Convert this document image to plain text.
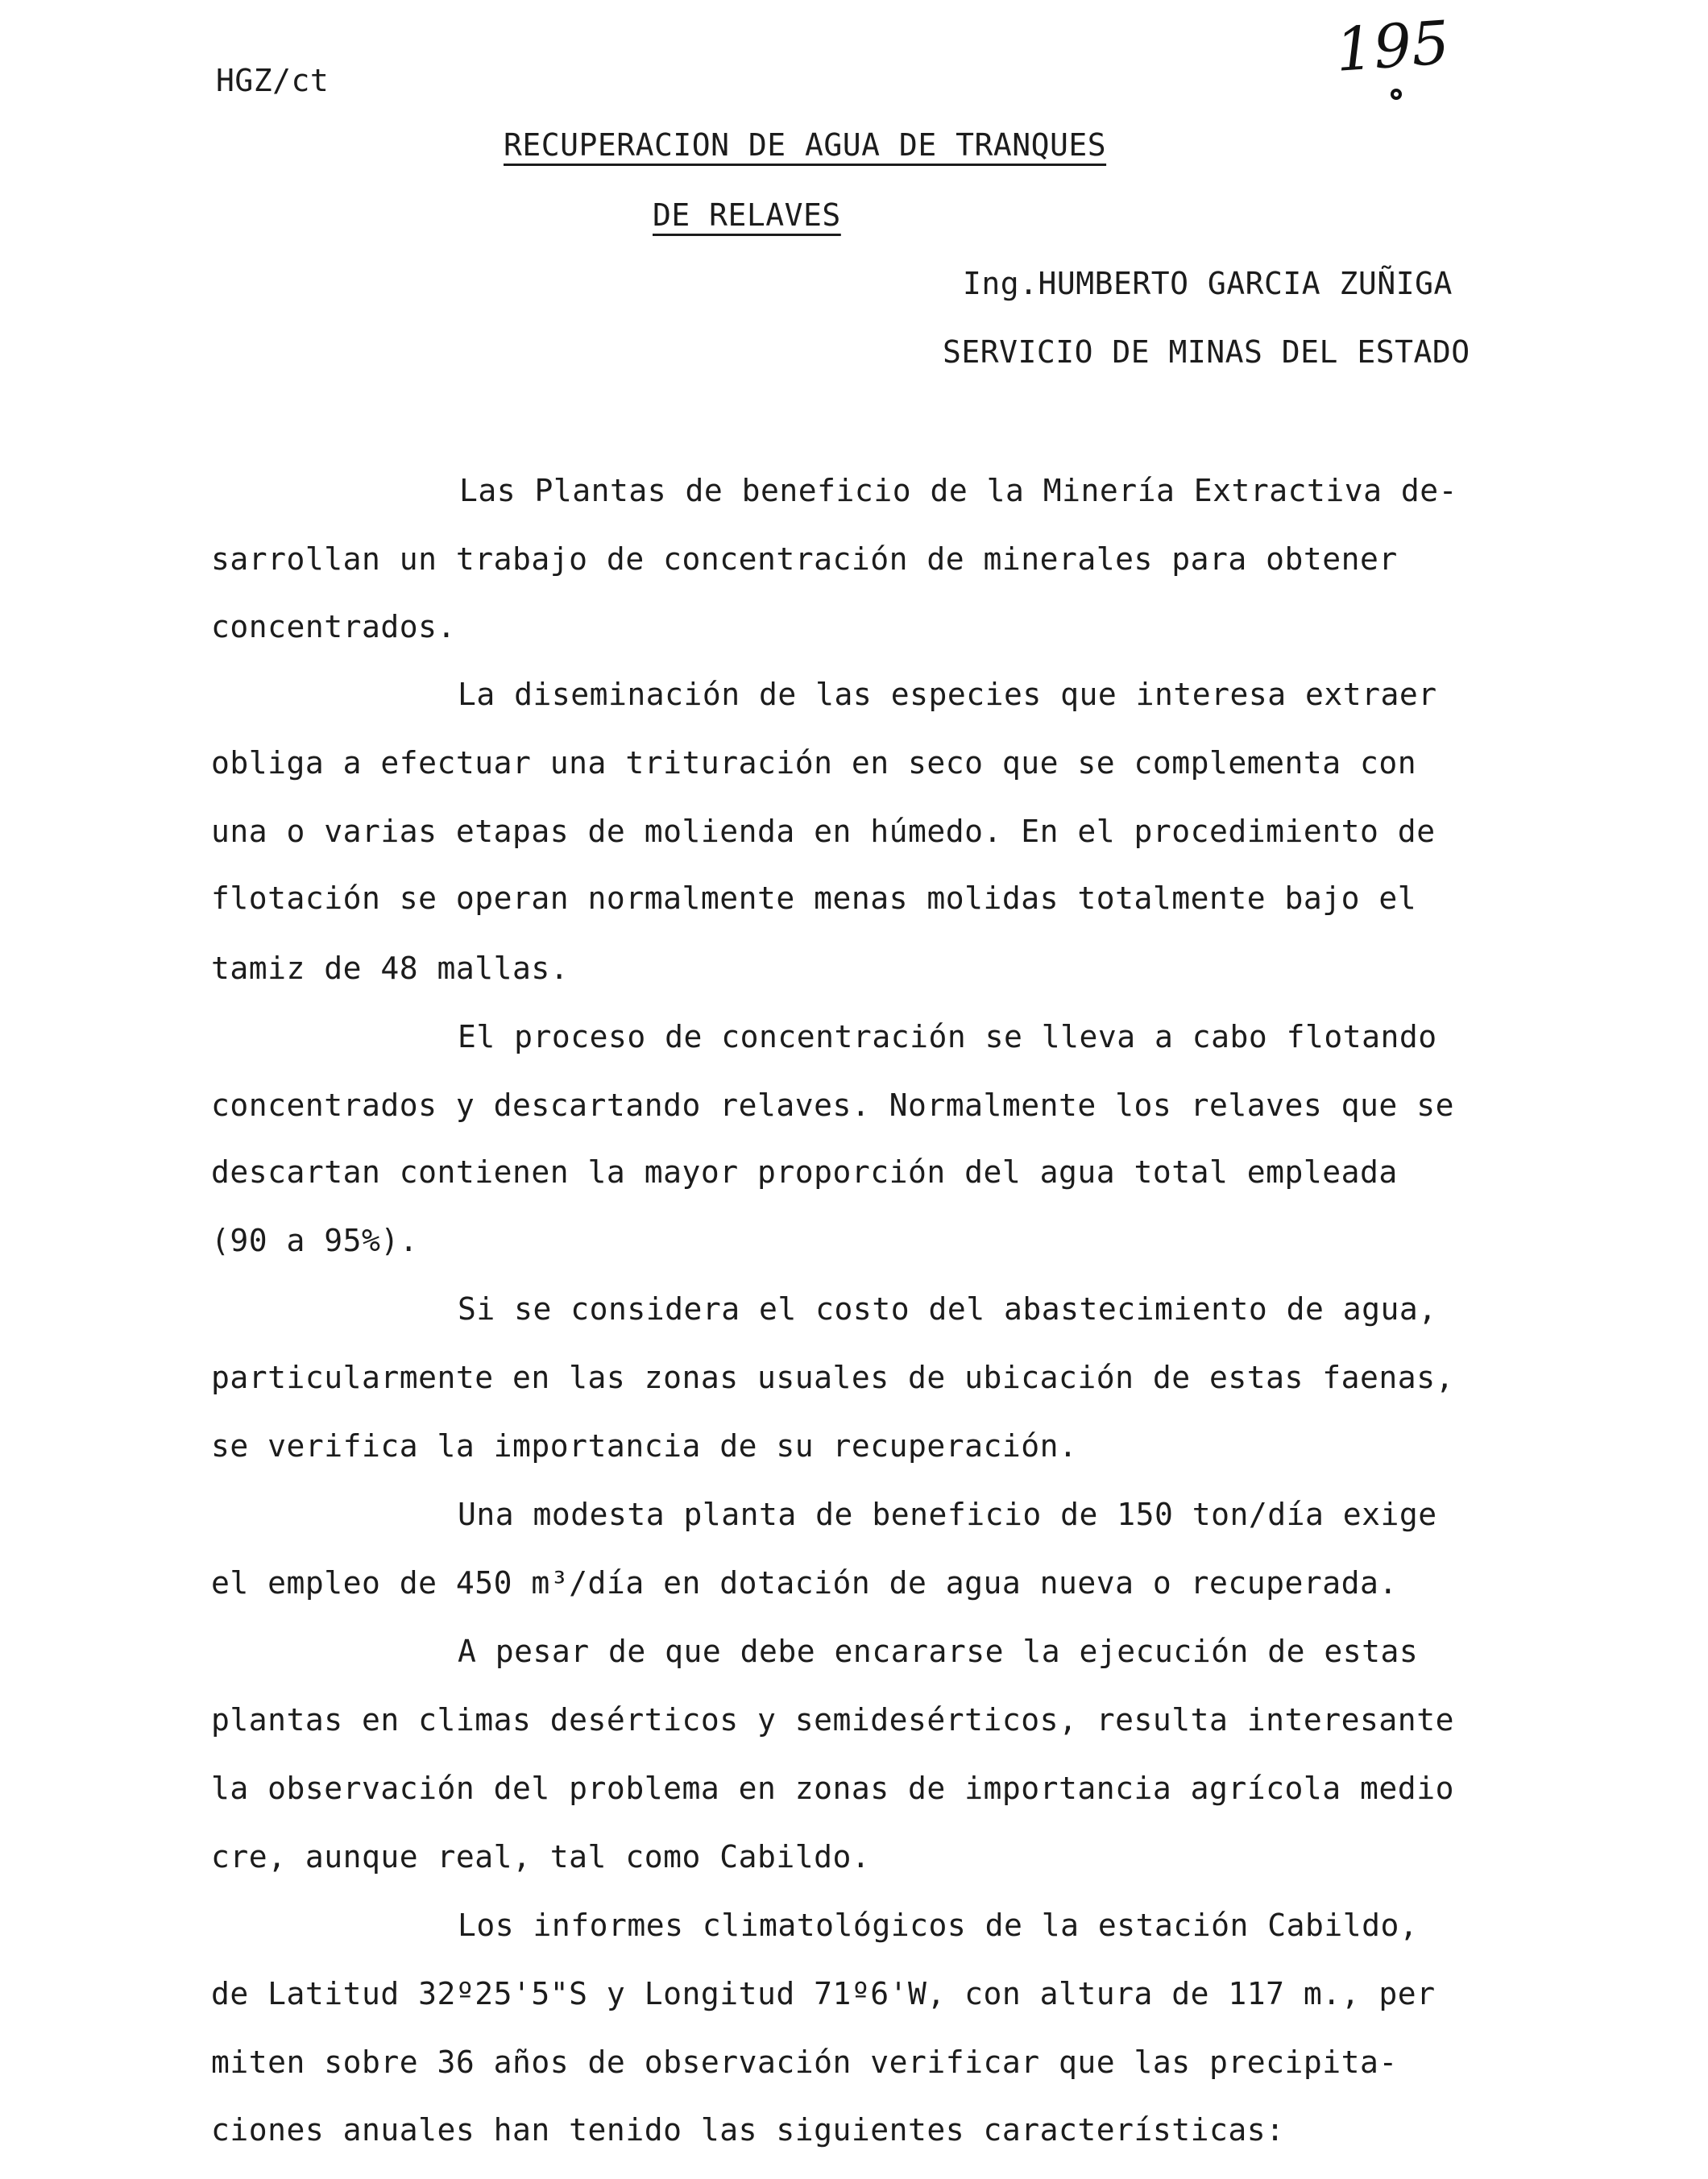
HGZ/ct	195
RECUPERACION DE AGUA DE TRANQUES
DE RELAVES
Ing.HUMBERTO GARCIA ZUÑIGA
SERVICIO DE MINAS DEL ESTADO
Las Plantas de beneficio de la Minería Extractiva de-
sarrollan un trabajo de concentración de minerales para obtener
concentrados.
La diseminación de las especies que interesa extraer
obliga a efectuar una trituración en seco que se complementa con
una o varias etapas de molienda en húmedo. En el procedimiento de
flotación se operan normalmente menas molidas totalmente bajo el
tamiz de 48 mallas.
El proceso de concentración se lleva a cabo flotando
concentrados y descartando relaves. Normalmente los relaves que se
descartan contienen la mayor proporción del agua total empleada
(90 a 95%).
Si se considera el costo del abastecimiento de agua,
particularmente en las zonas usuales de ubicación de estas faenas,
se verifica la importancia de su recuperación.
Una modesta planta de beneficio de 150 ton/día exige
el empleo de 450 m³/día en dotación de agua nueva o recuperada.
A pesar de que debe encararse la ejecución de estas
plantas en climas desérticos y semidesérticos, resulta interesante
la observación del problema en zonas de importancia agrícola medio
cre, aunque real, tal como Cabildo.
Los informes climatológicos de la estación Cabildo,
de Latitud 32º25'5"S y Longitud 71º6'W, con altura de 117 m., per
miten sobre 36 años de observación verificar que las precipita-
ciones anuales han tenido las siguientes características:
